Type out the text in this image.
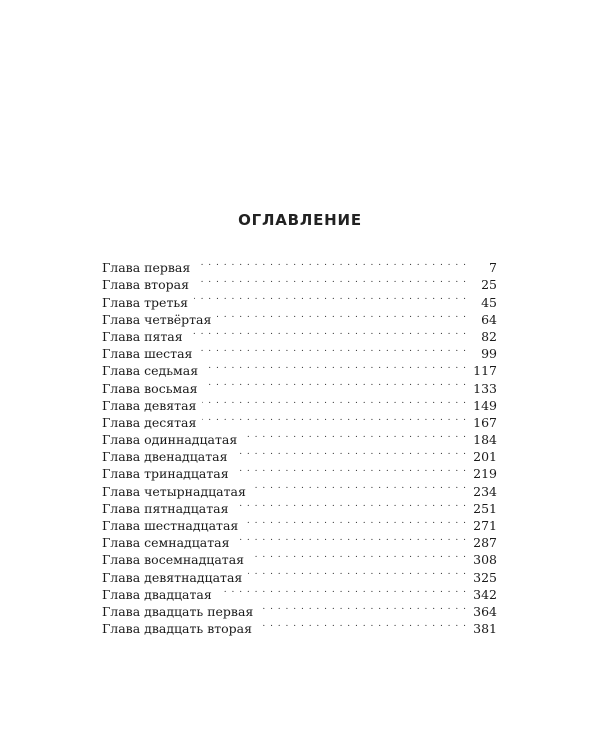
ОГЛАВЛЕНИЕ
Глава первая . . .	7
Глава вторая . . .	25
Глава третья . . .	45
Глава четвёртая . . .	64
Глава пятая . . .	82
Глава шестая . . .	99
Глава седьмая . . .	117
Глава восьмая . . .	133
Глава девятая . . .	149
Глава десятая . . .	167
Глава одиннадцатая . . .	184
Глава двенадцатая . . .	201
Глава тринадцатая . . .	219
Глава четырнадцатая . . .	234
Глава пятнадцатая . . .	251
Глава шестнадцатая . . .	271
Глава семнадцатая . . .	287
Глава восемнадцатая . . .	308
Глава девятнадцатая . . .	325
Глава двадцатая . . .	342
Глава двадцать первая . . .	364
Глава двадцать вторая . . .	381
